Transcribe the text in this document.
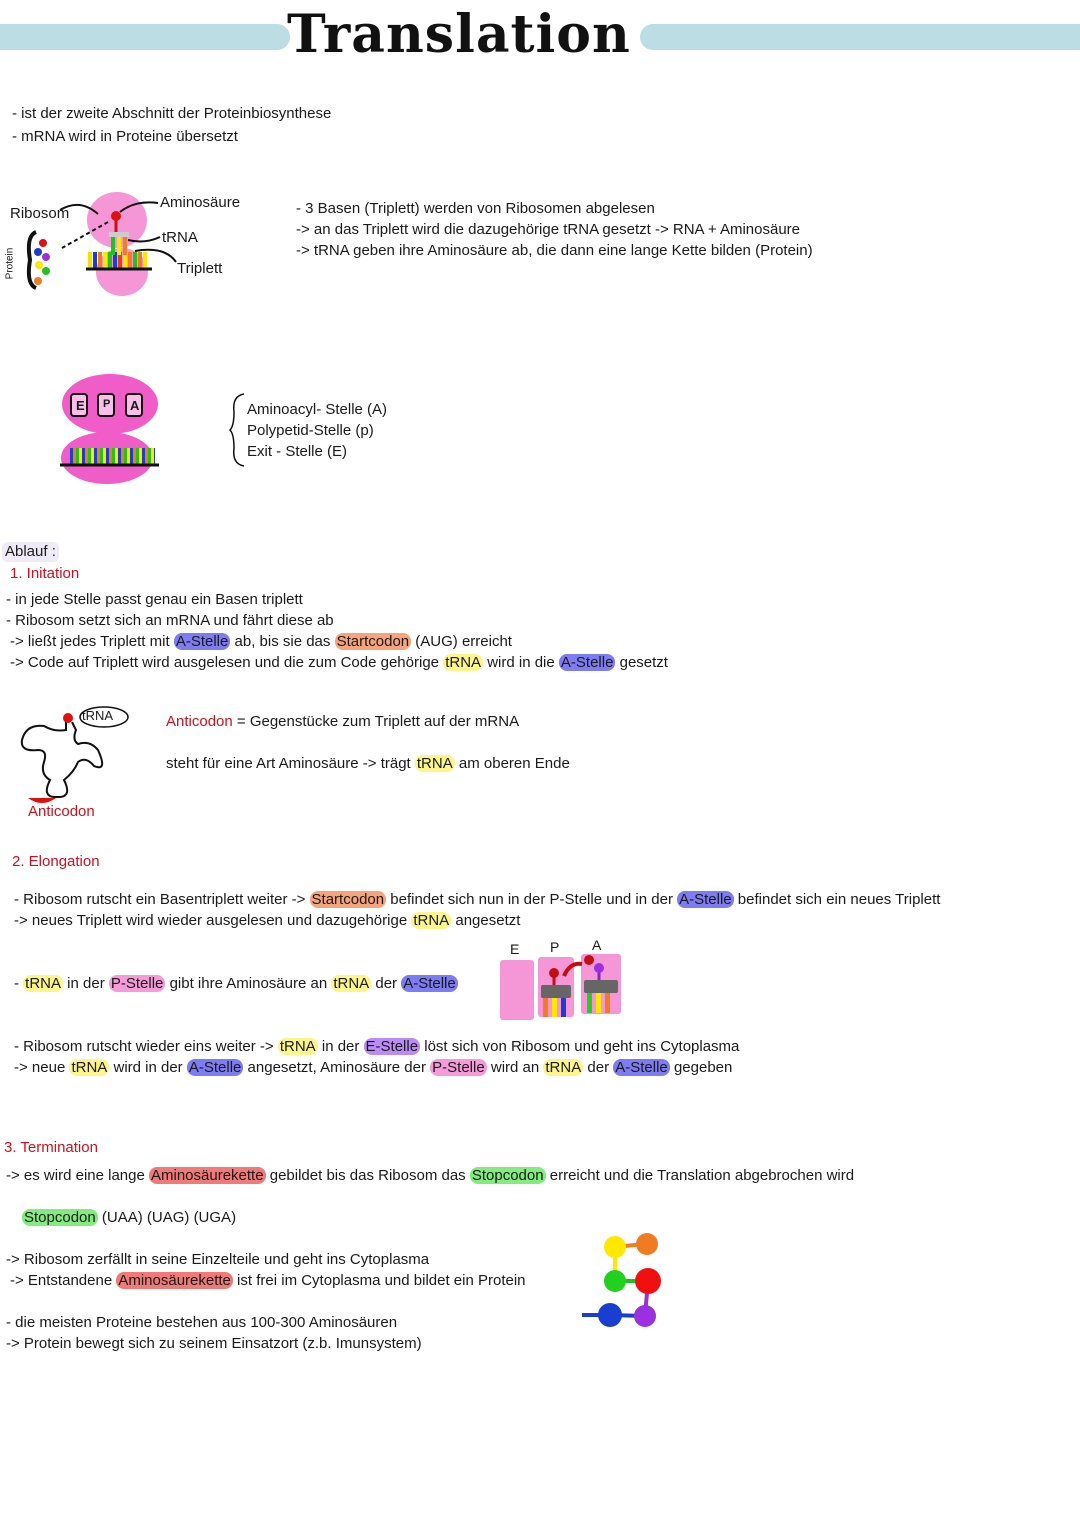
Translation
- ist der zweite Abschnitt der Proteinbiosynthese
- mRNA wird in Proteine übersetzt
Ribosom
Aminosäure
tRNA
Triplett
Protein
- 3 Basen (Triplett) werden von Ribosomen abgelesen
-> an das Triplett wird die dazugehörige tRNA gesetzt -> RNA + Aminosäure
-> tRNA geben ihre Aminosäure ab, die dann eine lange Kette bilden (Protein)
E P A	Aminoacyl- Stelle (A)
Polypetid-Stelle (p)
Exit - Stelle (E)
Ablauf :
1. Initation
- in jede Stelle passt genau ein Basen triplett
- Ribosom setzt sich an mRNA und fährt diese ab
-> ließt jedes Triplett mit A-Stelle ab, bis sie das Startcodon (AUG) erreicht
-> Code auf Triplett wird ausgelesen und die zum Code gehörige tRNA wird in die A-Stelle gesetzt
tRNA
Anticodon
Anticodon = Gegenstücke zum Triplett auf der mRNA
steht für eine Art Aminosäure -> trägt tRNA am oberen Ende
2. Elongation
- Ribosom rutscht ein Basentriplett weiter -> Startcodon befindet sich nun in der P-Stelle und in der A-Stelle befindet sich ein neues Triplett
-> neues Triplett wird wieder ausgelesen und dazugehörige tRNA angesetzt
- tRNA in der P-Stelle gibt ihre Aminosäure an tRNA der A-Stelle
E P A
- Ribosom rutscht wieder eins weiter -> tRNA in der E-Stelle löst sich von Ribosom und geht ins Cytoplasma
-> neue tRNA wird in der A-Stelle angesetzt, Aminosäure der P-Stelle wird an tRNA der A-Stelle gegeben
3. Termination
-> es wird eine lange Aminosäurekette gebildet bis das Ribosom das Stopcodon erreicht und die Translation abgebrochen wird
Stopcodon (UAA) (UAG) (UGA)
-> Ribosom zerfällt in seine Einzelteile und geht ins Cytoplasma
-> Entstandene Aminosäurekette ist frei im Cytoplasma und bildet ein Protein
- die meisten Proteine bestehen aus 100-300 Aminosäuren
-> Protein bewegt sich zu seinem Einsatzort (z.b. Imunsystem)
